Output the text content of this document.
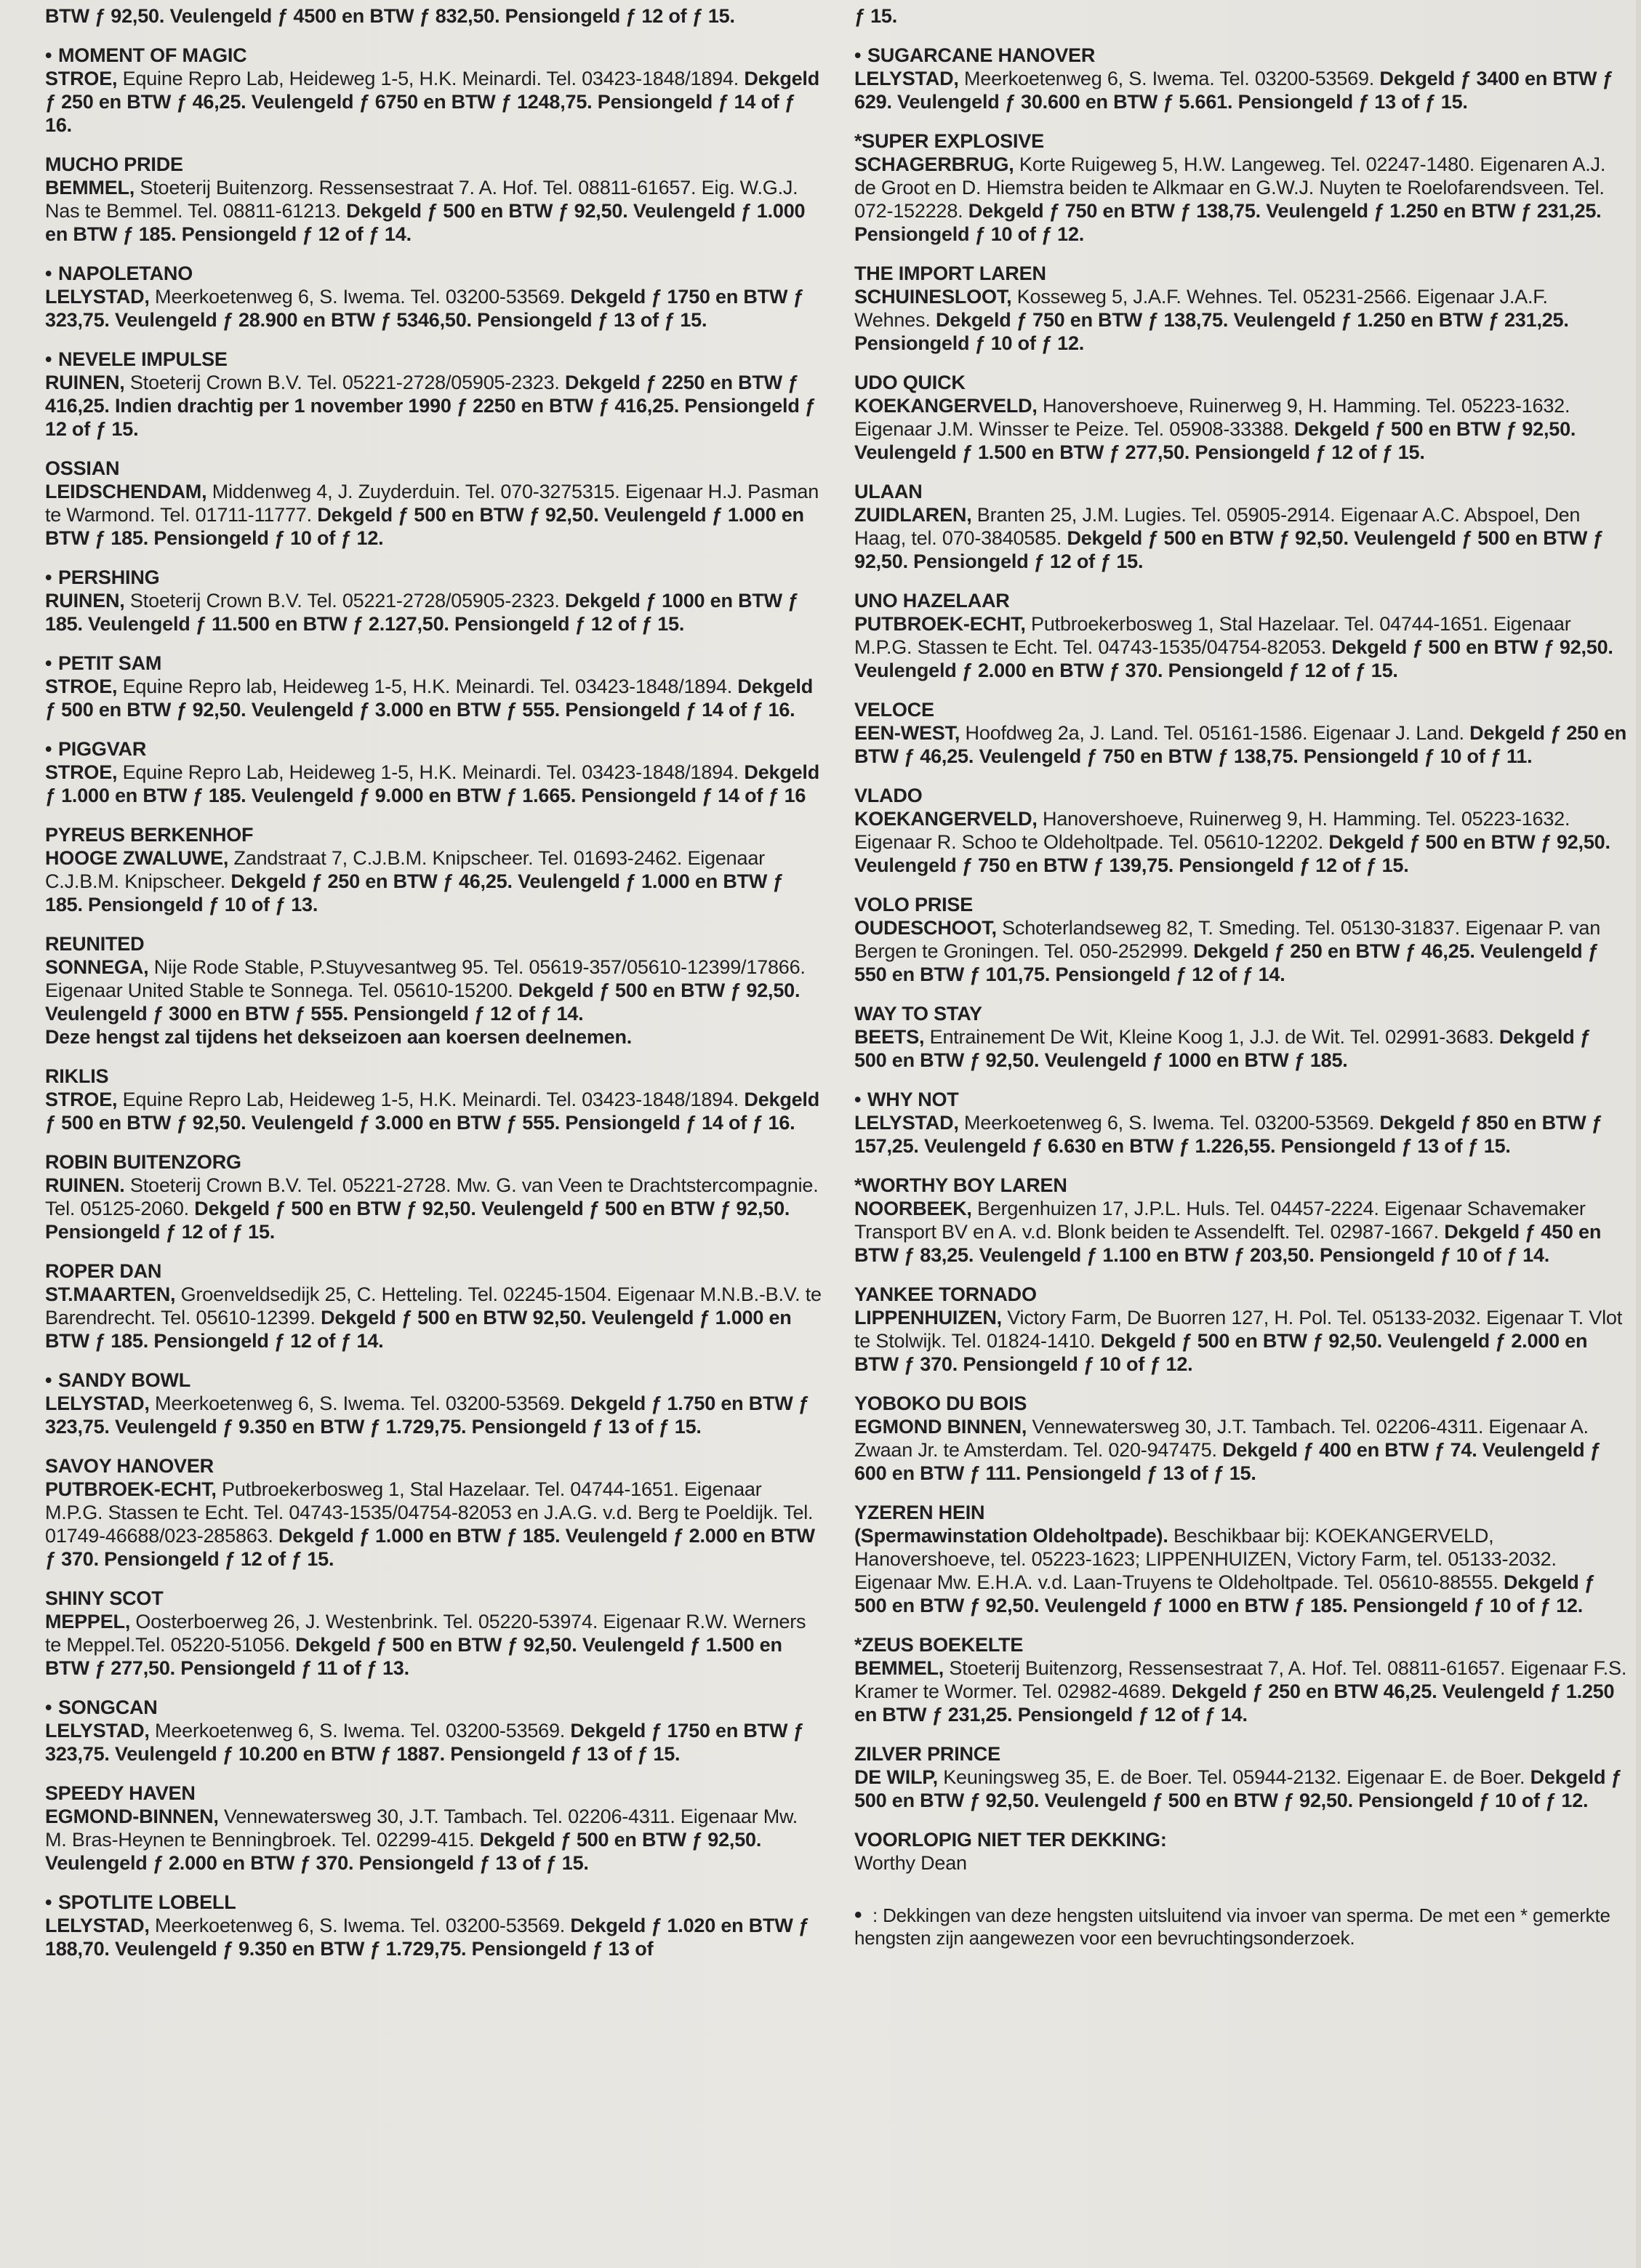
BTW ƒ 92,50. Veulengeld ƒ 4500 en BTW ƒ 832,50. Pensiongeld ƒ 12 of ƒ 15.
• MOMENT OF MAGIC
STROE, Equine Repro Lab, Heideweg 1-5, H.K. Meinardi. Tel. 03423-1848/1894. Dekgeld ƒ 250 en BTW ƒ 46,25. Veulengeld ƒ 6750 en BTW ƒ 1248,75. Pensiongeld ƒ 14 of ƒ 16.
MUCHO PRIDE
BEMMEL, Stoeterij Buitenzorg. Ressensestraat 7. A. Hof. Tel. 08811-61657. Eig. W.G.J. Nas te Bemmel. Tel. 08811-61213. Dekgeld ƒ 500 en BTW ƒ 92,50. Veulengeld ƒ 1.000 en BTW ƒ 185. Pensiongeld ƒ 12 of ƒ 14.
• NAPOLETANO
LELYSTAD, Meerkoetenweg 6, S. Iwema. Tel. 03200-53569. Dekgeld ƒ 1750 en BTW ƒ 323,75. Veulengeld ƒ 28.900 en BTW ƒ 5346,50. Pensiongeld ƒ 13 of ƒ 15.
• NEVELE IMPULSE
RUINEN, Stoeterij Crown B.V. Tel. 05221-2728/05905-2323. Dekgeld ƒ 2250 en BTW ƒ 416,25. Indien drachtig per 1 november 1990 ƒ 2250 en BTW ƒ 416,25. Pensiongeld ƒ 12 of ƒ 15.
OSSIAN
LEIDSCHENDAM, Middenweg 4, J. Zuyderduin. Tel. 070-3275315. Eigenaar H.J. Pasman te Warmond. Tel. 01711-11777. Dekgeld ƒ 500 en BTW ƒ 92,50. Veulengeld ƒ 1.000 en BTW ƒ 185. Pensiongeld ƒ 10 of ƒ 12.
• PERSHING
RUINEN, Stoeterij Crown B.V. Tel. 05221-2728/05905-2323. Dekgeld ƒ 1000 en BTW ƒ 185. Veulengeld ƒ 11.500 en BTW ƒ 2.127,50. Pensiongeld ƒ 12 of ƒ 15.
• PETIT SAM
STROE, Equine Repro lab, Heideweg 1-5, H.K. Meinardi. Tel. 03423-1848/1894. Dekgeld ƒ 500 en BTW ƒ 92,50. Veulengeld ƒ 3.000 en BTW ƒ 555. Pensiongeld ƒ 14 of ƒ 16.
• PIGGVAR
STROE, Equine Repro Lab, Heideweg 1-5, H.K. Meinardi. Tel. 03423-1848/1894. Dekgeld ƒ 1.000 en BTW ƒ 185. Veulengeld ƒ 9.000 en BTW ƒ 1.665. Pensiongeld ƒ 14 of ƒ 16
PYREUS BERKENHOF
HOOGE ZWALUWE, Zandstraat 7, C.J.B.M. Knipscheer. Tel. 01693-2462. Eigenaar C.J.B.M. Knipscheer. Dekgeld ƒ 250 en BTW ƒ 46,25. Veulengeld ƒ 1.000 en BTW ƒ 185. Pensiongeld ƒ 10 of ƒ 13.
REUNITED
SONNEGA, Nije Rode Stable, P.Stuyvesantweg 95. Tel. 05619-357/05610-12399/17866. Eigenaar United Stable te Sonnega. Tel. 05610-15200. Dekgeld ƒ 500 en BTW ƒ 92,50. Veulengeld ƒ 3000 en BTW ƒ 555. Pensiongeld ƒ 12 of ƒ 14.
Deze hengst zal tijdens het dekseizoen aan koersen deelnemen.
RIKLIS
STROE, Equine Repro Lab, Heideweg 1-5, H.K. Meinardi. Tel. 03423-1848/1894. Dekgeld ƒ 500 en BTW ƒ 92,50. Veulengeld ƒ 3.000 en BTW ƒ 555. Pensiongeld ƒ 14 of ƒ 16.
ROBIN BUITENZORG
RUINEN. Stoeterij Crown B.V. Tel. 05221-2728. Mw. G. van Veen te Drachtstercompagnie. Tel. 05125-2060. Dekgeld ƒ 500 en BTW ƒ 92,50. Veulengeld ƒ 500 en BTW ƒ 92,50. Pensiongeld ƒ 12 of ƒ 15.
ROPER DAN
ST.MAARTEN, Groenveldsedijk 25, C. Hetteling. Tel. 02245-1504. Eigenaar M.N.B.-B.V. te Barendrecht. Tel. 05610-12399. Dekgeld ƒ 500 en BTW 92,50. Veulengeld ƒ 1.000 en BTW ƒ 185. Pensiongeld ƒ 12 of ƒ 14.
• SANDY BOWL
LELYSTAD, Meerkoetenweg 6, S. Iwema. Tel. 03200-53569. Dekgeld ƒ 1.750 en BTW ƒ 323,75. Veulengeld ƒ 9.350 en BTW ƒ 1.729,75. Pensiongeld ƒ 13 of ƒ 15.
SAVOY HANOVER
PUTBROEK-ECHT, Putbroekerbosweg 1, Stal Hazelaar. Tel. 04744-1651. Eigenaar M.P.G. Stassen te Echt. Tel. 04743-1535/04754-82053 en J.A.G. v.d. Berg te Poeldijk. Tel. 01749-46688/023-285863. Dekgeld ƒ 1.000 en BTW ƒ 185. Veulengeld ƒ 2.000 en BTW ƒ 370. Pensiongeld ƒ 12 of ƒ 15.
SHINY SCOT
MEPPEL, Oosterboerweg 26, J. Westenbrink. Tel. 05220-53974. Eigenaar R.W. Werners te Meppel.Tel. 05220-51056. Dekgeld ƒ 500 en BTW ƒ 92,50. Veulengeld ƒ 1.500 en BTW ƒ 277,50. Pensiongeld ƒ 11 of ƒ 13.
• SONGCAN
LELYSTAD, Meerkoetenweg 6, S. Iwema. Tel. 03200-53569. Dekgeld ƒ 1750 en BTW ƒ 323,75. Veulengeld ƒ 10.200 en BTW ƒ 1887. Pensiongeld ƒ 13 of ƒ 15.
SPEEDY HAVEN
EGMOND-BINNEN, Vennewatersweg 30, J.T. Tambach. Tel. 02206-4311. Eigenaar Mw. M. Bras-Heynen te Benningbroek. Tel. 02299-415. Dekgeld ƒ 500 en BTW ƒ 92,50. Veulengeld ƒ 2.000 en BTW ƒ 370. Pensiongeld ƒ 13 of ƒ 15.
• SPOTLITE LOBELL
LELYSTAD, Meerkoetenweg 6, S. Iwema. Tel. 03200-53569. Dekgeld ƒ 1.020 en BTW ƒ 188,70. Veulengeld ƒ 9.350 en BTW ƒ 1.729,75. Pensiongeld ƒ 13 of
ƒ 15.
• SUGARCANE HANOVER
LELYSTAD, Meerkoetenweg 6, S. Iwema. Tel. 03200-53569. Dekgeld ƒ 3400 en BTW ƒ 629. Veulengeld ƒ 30.600 en BTW ƒ 5.661. Pensiongeld ƒ 13 of ƒ 15.
*SUPER EXPLOSIVE
SCHAGERBRUG, Korte Ruigeweg 5, H.W. Langeweg. Tel. 02247-1480. Eigenaren A.J. de Groot en D. Hiemstra beiden te Alkmaar en G.W.J. Nuyten te Roelofarendsveen. Tel. 072-152228. Dekgeld ƒ 750 en BTW ƒ 138,75. Veulengeld ƒ 1.250 en BTW ƒ 231,25. Pensiongeld ƒ 10 of ƒ 12.
THE IMPORT LAREN
SCHUINESLOOT, Kosseweg 5, J.A.F. Wehnes. Tel. 05231-2566. Eigenaar J.A.F. Wehnes. Dekgeld ƒ 750 en BTW ƒ 138,75. Veulengeld ƒ 1.250 en BTW ƒ 231,25. Pensiongeld ƒ 10 of ƒ 12.
UDO QUICK
KOEKANGERVELD, Hanovershoeve, Ruinerweg 9, H. Hamming. Tel. 05223-1632. Eigenaar J.M. Winsser te Peize. Tel. 05908-33388. Dekgeld ƒ 500 en BTW ƒ 92,50. Veulengeld ƒ 1.500 en BTW ƒ 277,50. Pensiongeld ƒ 12 of ƒ 15.
ULAAN
ZUIDLAREN, Branten 25, J.M. Lugies. Tel. 05905-2914. Eigenaar A.C. Abspoel, Den Haag, tel. 070-3840585. Dekgeld ƒ 500 en BTW ƒ 92,50. Veulengeld ƒ 500 en BTW ƒ 92,50. Pensiongeld ƒ 12 of ƒ 15.
UNO HAZELAAR
PUTBROEK-ECHT, Putbroekerbosweg 1, Stal Hazelaar. Tel. 04744-1651. Eigenaar M.P.G. Stassen te Echt. Tel. 04743-1535/04754-82053. Dekgeld ƒ 500 en BTW ƒ 92,50. Veulengeld ƒ 2.000 en BTW ƒ 370. Pensiongeld ƒ 12 of ƒ 15.
VELOCE
EEN-WEST, Hoofdweg 2a, J. Land. Tel. 05161-1586. Eigenaar J. Land. Dekgeld ƒ 250 en BTW ƒ 46,25. Veulengeld ƒ 750 en BTW ƒ 138,75. Pensiongeld ƒ 10 of ƒ 11.
VLADO
KOEKANGERVELD, Hanovershoeve, Ruinerweg 9, H. Hamming. Tel. 05223-1632. Eigenaar R. Schoo te Oldeholtpade. Tel. 05610-12202. Dekgeld ƒ 500 en BTW ƒ 92,50. Veulengeld ƒ 750 en BTW ƒ 139,75. Pensiongeld ƒ 12 of ƒ 15.
VOLO PRISE
OUDESCHOOT, Schoterlandseweg 82, T. Smeding. Tel. 05130-31837. Eigenaar P. van Bergen te Groningen. Tel. 050-252999. Dekgeld ƒ 250 en BTW ƒ 46,25. Veulengeld ƒ 550 en BTW ƒ 101,75. Pensiongeld ƒ 12 of ƒ 14.
WAY TO STAY
BEETS, Entrainement De Wit, Kleine Koog 1, J.J. de Wit. Tel. 02991-3683. Dekgeld ƒ 500 en BTW ƒ 92,50. Veulengeld ƒ 1000 en BTW ƒ 185.
• WHY NOT
LELYSTAD, Meerkoetenweg 6, S. Iwema. Tel. 03200-53569. Dekgeld ƒ 850 en BTW ƒ 157,25. Veulengeld ƒ 6.630 en BTW ƒ 1.226,55. Pensiongeld ƒ 13 of ƒ 15.
*WORTHY BOY LAREN
NOORBEEK, Bergenhuizen 17, J.P.L. Huls. Tel. 04457-2224. Eigenaar Schavemaker Transport BV en A. v.d. Blonk beiden te Assendelft. Tel. 02987-1667. Dekgeld ƒ 450 en BTW ƒ 83,25. Veulengeld ƒ 1.100 en BTW ƒ 203,50. Pensiongeld ƒ 10 of ƒ 14.
YANKEE TORNADO
LIPPENHUIZEN, Victory Farm, De Buorren 127, H. Pol. Tel. 05133-2032. Eigenaar T. Vlot te Stolwijk. Tel. 01824-1410. Dekgeld ƒ 500 en BTW ƒ 92,50. Veulengeld ƒ 2.000 en BTW ƒ 370. Pensiongeld ƒ 10 of ƒ 12.
YOBOKO DU BOIS
EGMOND BINNEN, Vennewatersweg 30, J.T. Tambach. Tel. 02206-4311. Eigenaar A. Zwaan Jr. te Amsterdam. Tel. 020-947475. Dekgeld ƒ 400 en BTW ƒ 74. Veulengeld ƒ 600 en BTW ƒ 111. Pensiongeld ƒ 13 of ƒ 15.
YZEREN HEIN
(Spermawinstation Oldeholtpade). Beschikbaar bij: KOEKANGERVELD, Hanovershoeve, tel. 05223-1623; LIPPENHUIZEN, Victory Farm, tel. 05133-2032. Eigenaar Mw. E.H.A. v.d. Laan-Truyens te Oldeholtpade. Tel. 05610-88555. Dekgeld ƒ 500 en BTW ƒ 92,50. Veulengeld ƒ 1000 en BTW ƒ 185. Pensiongeld ƒ 10 of ƒ 12.
*ZEUS BOEKELTE
BEMMEL, Stoeterij Buitenzorg, Ressensestraat 7, A. Hof. Tel. 08811-61657. Eigenaar F.S. Kramer te Wormer. Tel. 02982-4689. Dekgeld ƒ 250 en BTW 46,25. Veulengeld ƒ 1.250 en BTW ƒ 231,25. Pensiongeld ƒ 12 of ƒ 14.
ZILVER PRINCE
DE WILP, Keuningsweg 35, E. de Boer. Tel. 05944-2132. Eigenaar E. de Boer. Dekgeld ƒ 500 en BTW ƒ 92,50. Veulengeld ƒ 500 en BTW ƒ 92,50. Pensiongeld ƒ 10 of ƒ 12.
VOORLOPIG NIET TER DEKKING:
Worthy Dean
• : Dekkingen van deze hengsten uitsluitend via invoer van sperma. De met een * gemerkte hengsten zijn aangewezen voor een bevruchtingsonderzoek.
